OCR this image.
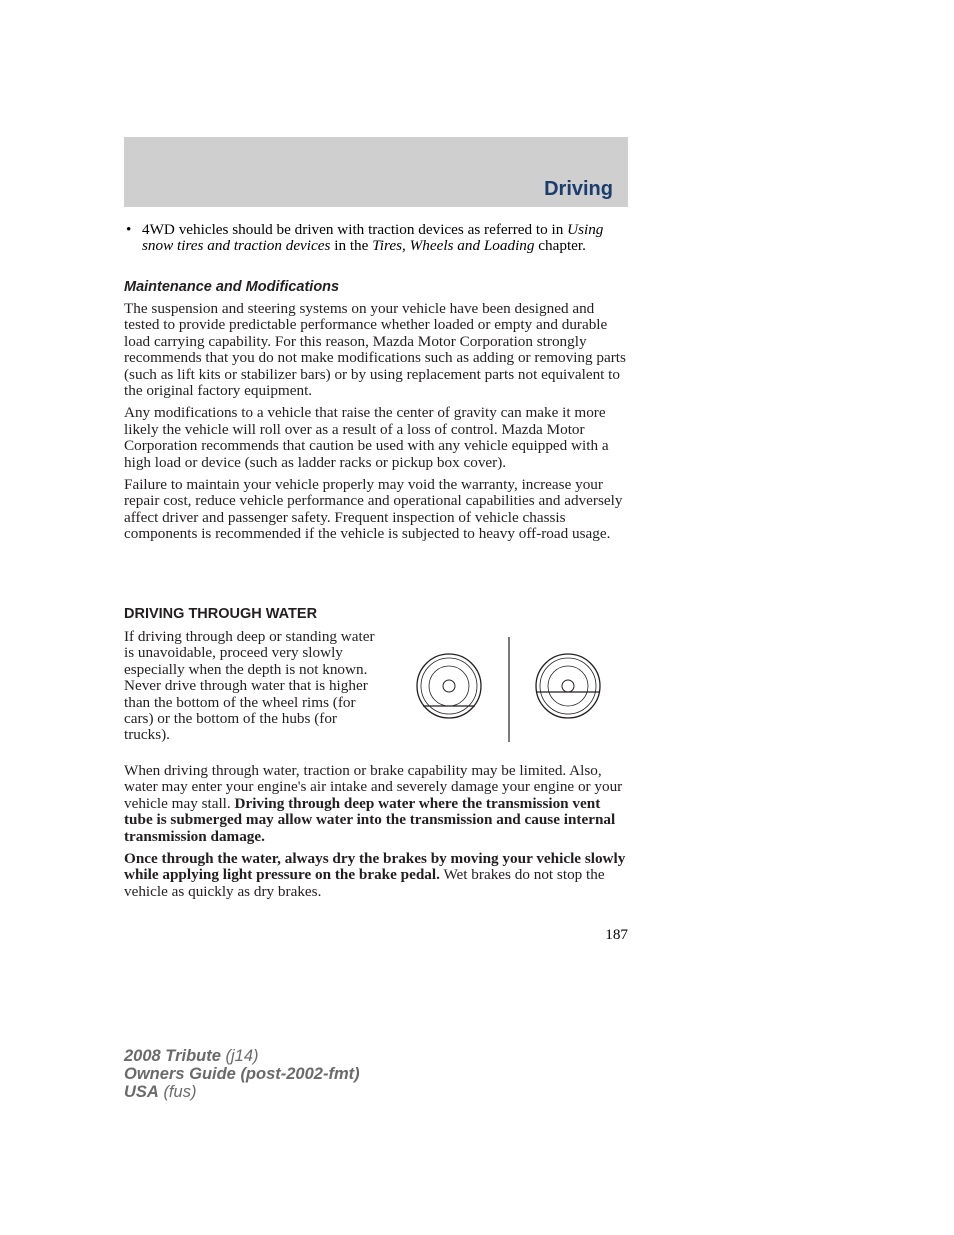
Driving
• 4WD vehicles should be driven with traction devices as referred to in Using snow tires and traction devices in the Tires, Wheels and Loading chapter.

Maintenance and Modifications

The suspension and steering systems on your vehicle have been designed and tested to provide predictable performance whether loaded or empty and durable load carrying capability. For this reason, Mazda Motor Corporation strongly recommends that you do not make modifications such as adding or removing parts (such as lift kits or stabilizer bars) or by using replacement parts not equivalent to the original factory equipment.

Any modifications to a vehicle that raise the center of gravity can make it more likely the vehicle will roll over as a result of a loss of control. Mazda Motor Corporation recommends that caution be used with any vehicle equipped with a high load or device (such as ladder racks or pickup box cover).

Failure to maintain your vehicle properly may void the warranty, increase your repair cost, reduce vehicle performance and operational capabilities and adversely affect driver and passenger safety. Frequent inspection of vehicle chassis components is recommended if the vehicle is subjected to heavy off-road usage.

DRIVING THROUGH WATER

If driving through deep or standing water is unavoidable, proceed very slowly especially when the depth is not known. Never drive through water that is higher than the bottom of the wheel rims (for cars) or the bottom of the hubs (for trucks).

When driving through water, traction or brake capability may be limited. Also, water may enter your engine's air intake and severely damage your engine or your vehicle may stall. Driving through deep water where the transmission vent tube is submerged may allow water into the transmission and cause internal transmission damage.

Once through the water, always dry the brakes by moving your vehicle slowly while applying light pressure on the brake pedal. Wet brakes do not stop the vehicle as quickly as dry brakes.

187
2008 Tribute (j14)
Owners Guide (post-2002-fmt)
USA (fus)
